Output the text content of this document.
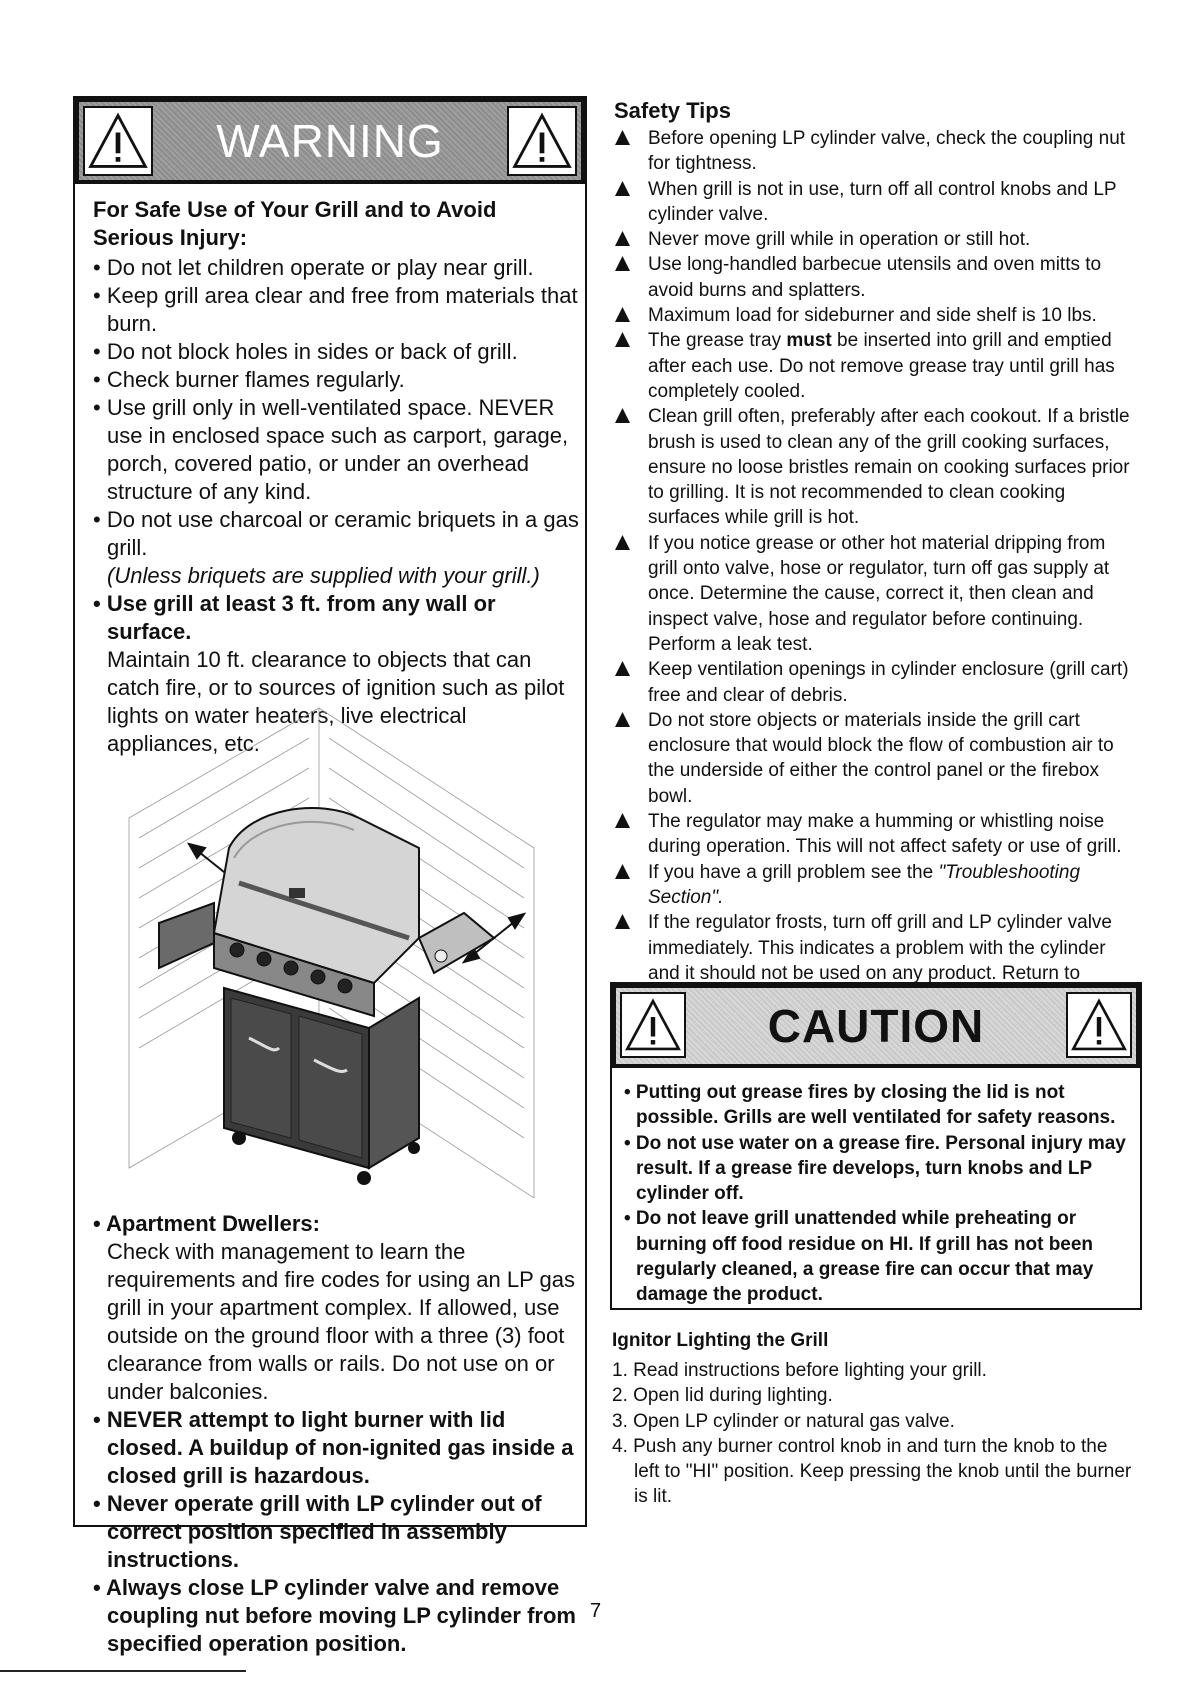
WARNING
For Safe Use of Your Grill and to Avoid Serious Injury:

• Do not let children operate or play near grill.

• Keep grill area clear and free from materials that burn.

• Do not block holes in sides or back of grill.

• Check burner flames regularly.

• Use grill only in well-ventilated space. NEVER use in enclosed space such as carport, garage, porch, covered patio, or under an overhead structure of any kind.

• Do not use charcoal or ceramic briquets in a gas grill.

(Unless briquets are supplied with your grill.)

• Use grill at least 3 ft. from any wall or surface.

Maintain 10 ft. clearance to objects that can catch fire, or to sources of ignition such as pilot lights on water heaters, live electrical appliances, etc.

• Apartment Dwellers:

Check with management to learn the requirements and fire codes for using an LP gas grill in your apartment complex. If allowed, use outside on the ground floor with a three (3) foot clearance from walls or rails. Do not use on or under balconies.

• NEVER attempt to light burner with lid closed. A buildup of non-ignited gas inside a closed grill is hazardous.

• Never operate grill with LP cylinder out of correct position specified in assembly instructions.

• Always close LP cylinder valve and remove coupling nut before moving LP cylinder from specified operation position.

Safety Tips
Before opening LP cylinder valve, check the coupling nut for tightness.
When grill is not in use, turn off all control knobs and LP cylinder valve.
Never move grill while in operation or still hot.
Use long-handled barbecue utensils and oven mitts to avoid burns and splatters.
Maximum load for sideburner and side shelf is 10 lbs.
The grease tray must be inserted into grill and emptied after each use. Do not remove grease tray until grill has completely cooled.
Clean grill often, preferably after each cookout. If a bristle brush is used to clean any of the grill cooking surfaces, ensure no loose bristles remain on cooking surfaces prior to grilling. It is not recommended to clean cooking surfaces while grill is hot.
If you notice grease or other hot material dripping from grill onto valve, hose or regulator, turn off gas supply at once. Determine the cause, correct it, then clean and inspect valve, hose and regulator before continuing. Perform a leak test.
Keep ventilation openings in cylinder enclosure (grill cart) free and clear of debris.
Do not store objects or materials inside the grill cart enclosure that would block the flow of combustion air to the underside of either the control panel or the firebox bowl.
The regulator may make a humming or whistling noise during operation. This will not affect safety or use of grill.
If you have a grill problem see the "Troubleshooting Section".
If the regulator frosts, turn off grill and LP cylinder valve immediately. This indicates a problem with the cylinder and it should not be used on any product. Return to
CAUTION

• Putting out grease fires by closing the lid is not possible. Grills are well ventilated for safety reasons.

• Do not use water on a grease fire. Personal injury may result. If a grease fire develops, turn knobs and LP cylinder off.

• Do not leave grill unattended while preheating or burning off food residue on HI. If grill has not been regularly cleaned, a grease fire can occur that may damage the product.

Ignitor Lighting the Grill

1. Read instructions before lighting your grill.

2. Open lid during lighting.

3. Open LP cylinder or natural gas valve.

4. Push any burner control knob in and turn the knob to the left to "HI" position. Keep pressing the knob until the burner is lit.

7
